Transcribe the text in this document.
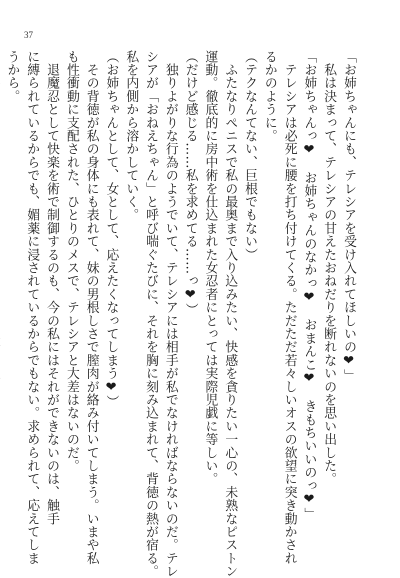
37
「お姉ちゃんにも、テレシアを受け入れてほしいの❤」
　私は決まって、テレシアの甘えたおねだりを断れないのを思い出した。
「お姉ちゃんっ❤　お姉ちゃんのなかっ❤　おまんこ❤　きもちいいのっ❤」
　テレシアは必死に腰を打ち付けてくる。ただただ若々しいオスの欲望に突き動かされ
るかのように。
（テクなんてない、巨根でもない）
　ふたなりペニスで私の最奥まで入り込みたい、快感を貪りたい一心の、未熟なピストン
運動。徹底的に房中術を仕込まれた女忍者にとっては実際児戯に等しい。
（だけど感じる……私を求めてる……っ❤）
　独りよがりな行為のようでいて、テレシアには相手が私でなければならないのだ。テレ
シアが「おねえちゃん」と呼び喘ぐたびに、それを胸に刻み込まれて、背徳の熱が宿る。
私を内側から溶かしていく。
（お姉ちゃんとして、女として、応えたくなってしまう❤）
　その背徳が私の身体にも表れて、妹の男根しさで膣肉が絡み付いてしまう。いまや私
も性衝動に支配された、ひとりのメスで、テレシアと大差はないのだ。
　退魔忍として快楽を術で制御するのも、今の私にはそれができないのは、触手
に縛られているからでも、媚薬に浸されているからでもない。求められて、応えてしま
うから。
